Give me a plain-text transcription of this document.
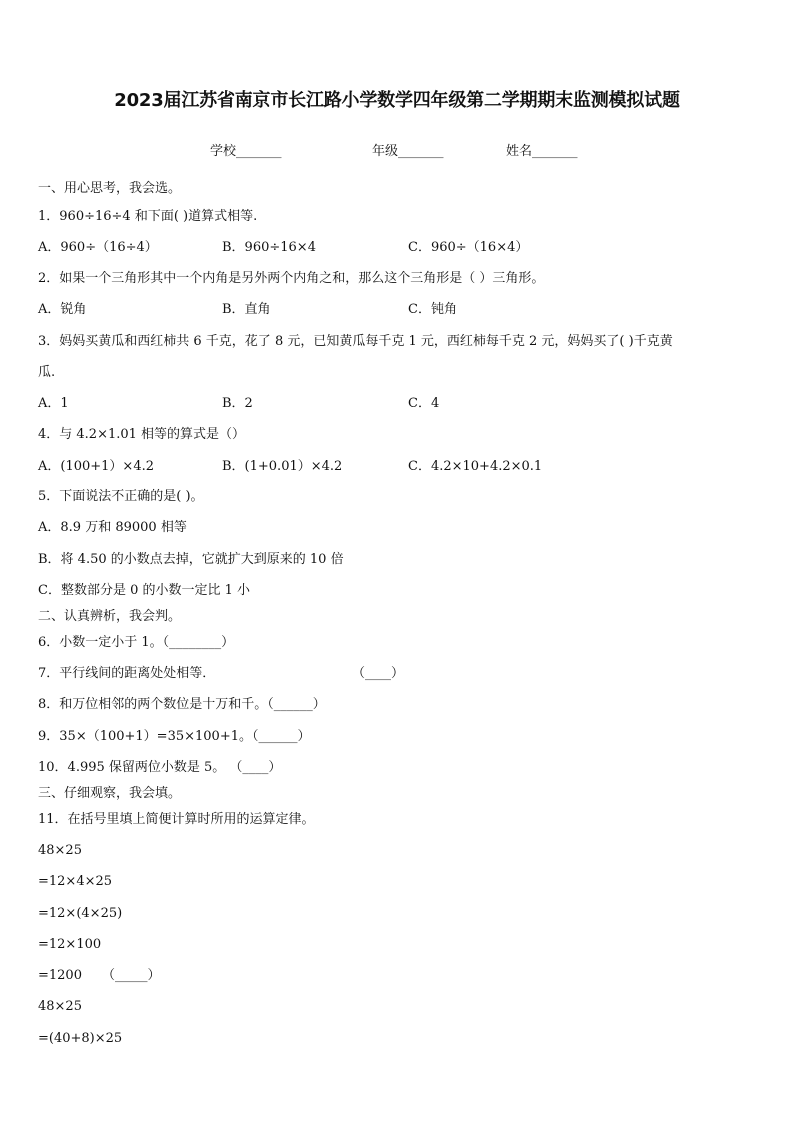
2023届江苏省南京市长江路小学数学四年级第二学期期末监测模拟试题
学校_______	年级_______	姓名_______
一、用心思考，我会选。
1．960÷16÷4 和下面( )道算式相等.
A．960÷（16÷4）	B．960÷16×4	C．960÷（16×4）
2．如果一个三角形其中一个内角是另外两个内角之和，那么这个三角形是（ ）三角形。
A．锐角	B．直角	C．钝角
3．妈妈买黄瓜和西红柿共 6 千克，花了 8 元，已知黄瓜每千克 1 元，西红柿每千克 2 元，妈妈买了( )千克黄
瓜.
A．1	B．2	C．4
4．与 4.2×1.01 相等的算式是（）
A．(100+1）×4.2	B．(1+0.01）×4.2	C．4.2×10+4.2×0.1
5．下面说法不正确的是( )。
A．8.9 万和 89000 相等
B．将 4.50 的小数点去掉，它就扩大到原来的 10 倍
C．整数部分是 0 的小数一定比 1 小
二、认真辨析，我会判。
6．小数一定小于 1。（________）
7．平行线间的距离处处相等．	（____）
8．和万位相邻的两个数位是十万和千。（______）
9．35×（100+1）=35×100+1。（______）
10．4.995 保留两位小数是 5。 （____）
三、仔细观察，我会填。
11．在括号里填上简便计算时所用的运算定律。
48×25
=12×4×25
=12×(4×25)
=12×100
=1200 （_____）
48×25
=(40+8)×25
